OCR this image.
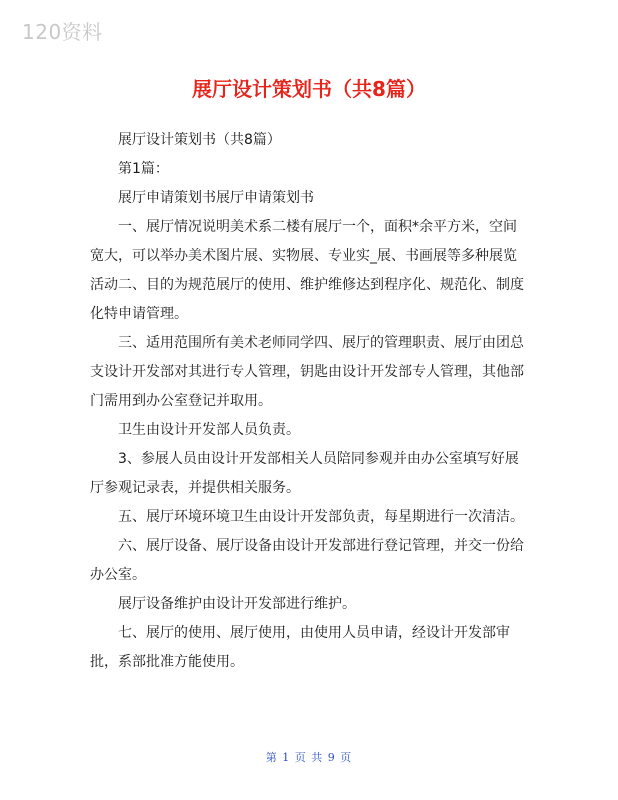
120资料
展厅设计策划书（共8篇）

展厅设计策划书（共8篇）

第1篇：

展厅申请策划书展厅申请策划书

一、展厅情况说明美术系二楼有展厅一个，面积*余平方米，空间宽大，可以举办美术图片展、实物展、专业实_展、书画展等多种展览活动二、目的为规范展厅的使用、维护维修达到程序化、规范化、制度化特申请管理。

三、适用范围所有美术老师同学四、展厅的管理职责、展厅由团总支设计开发部对其进行专人管理，钥匙由设计开发部专人管理，其他部门需用到办公室登记并取用。

卫生由设计开发部人员负责。

3、参展人员由设计开发部相关人员陪同参观并由办公室填写好展厅参观记录表，并提供相关服务。

五、展厅环境环境卫生由设计开发部负责，每星期进行一次清洁。

六、展厅设备、展厅设备由设计开发部进行登记管理，并交一份给办公室。

展厅设备维护由设计开发部进行维护。

七、展厅的使用、展厅使用，由使用人员申请，经设计开发部审批，系部批准方能使用。

第 1 页 共 9 页
